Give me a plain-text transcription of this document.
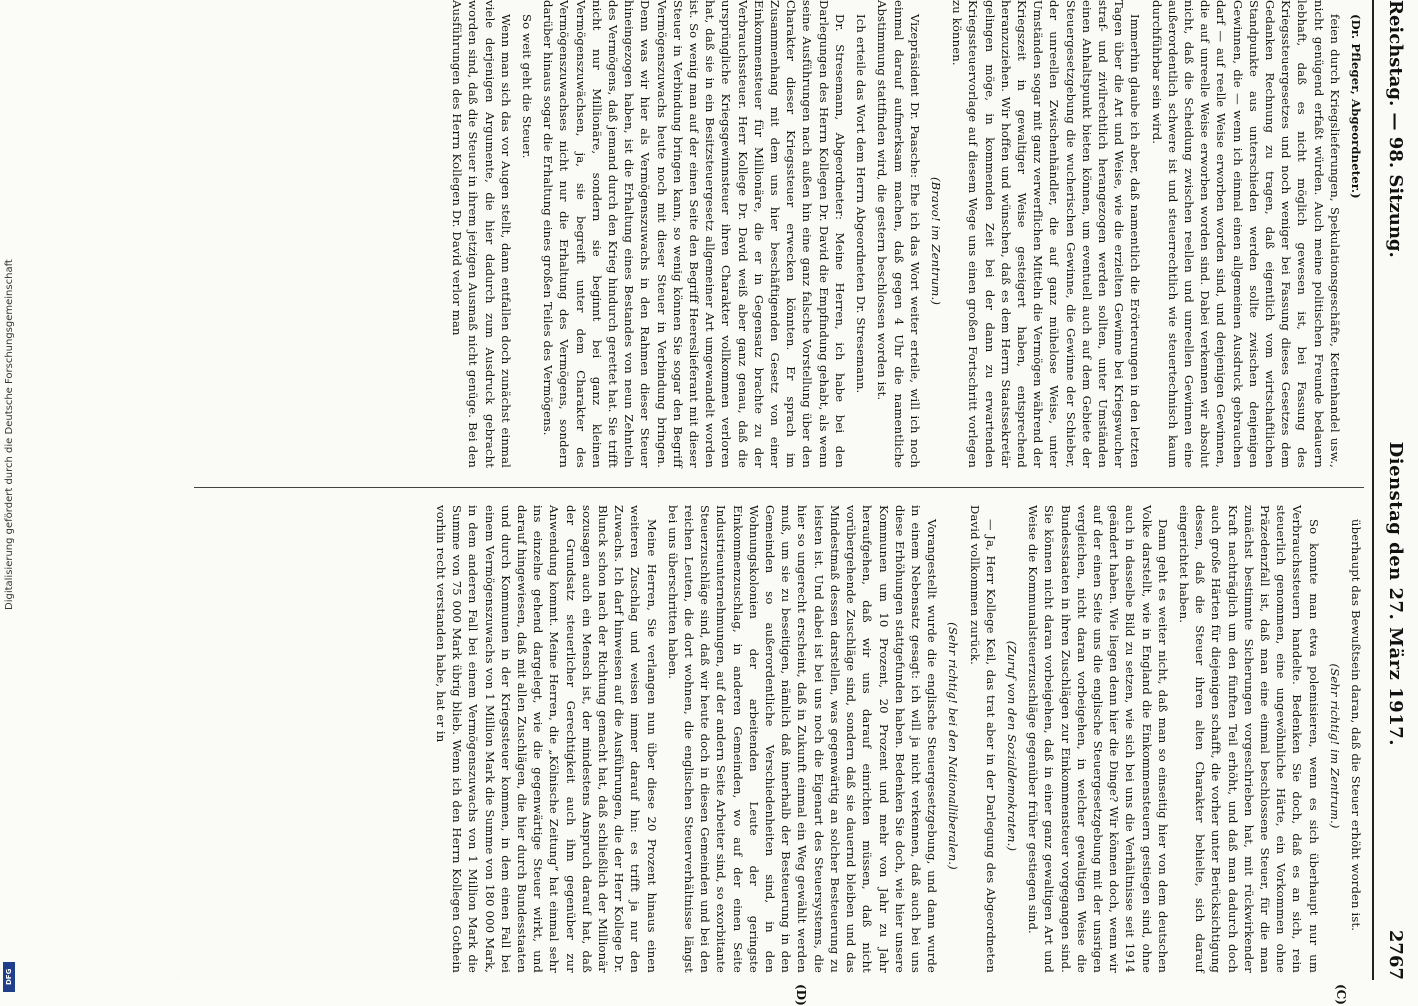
Reichstag. — 98. Sitzung.
Dienstag den 27. März 1917.
2767

(Dr. Pfleger, Abgeordneter.)

feien durch Kriegslieferungen, Spekulationsgeschäfte, Kettenhandel usw., nicht genügend erfaßt würden. Auch meine politischen Freunde bedauern lebhaft, daß es nicht möglich gewesen ist, bei Fassung des Kriegssteuergesetzes und noch weniger bei Fassung dieses Gesetzes dem Gedanken Rechnung zu tragen, daß eigentlich vom wirtschaftlichen Standpunkte aus unterschieden werden sollte zwischen denjenigen Gewinnen, die — wenn ich einmal einen allgemeinen Ausdruck gebrauchen darf — auf reelle Weise erworben worden sind, und denjenigen Gewinnen, die auf unreelle Weise erworben worden sind. Dabei verkennen wir absolut nicht, daß die Scheidung zwischen reellen und unreellen Gewinnen eine außerordentlich schwere ist und steuerrechtlich wie steuertechnisch kaum durchführbar sein wird.

Immerhin glaube ich aber, daß namentlich die Erörterungen in den letzten Tagen über die Art und Weise, wie die erzielten Gewinne bei Kriegswucher straf- und zivilrechtlich herangezogen werden sollten, unter Umständen einen Anhaltspunkt bieten können, um eventuell auch auf dem Gebiete der Steuergesetzgebung die wucherischen Gewinne, die Gewinne der Schieber, der unreellen Zwischenhändler, die auf ganz mühelose Weise, unter Umständen sogar mit ganz verwerflichen Mitteln die Vermögen während der Kriegszeit in gewaltiger Weise gesteigert haben, entsprechend heranzuziehen. Wir hoffen und wünschen, daß es dem Herrn Staatssekretär gelingen möge, in kommenden Zeit bei der dann zu erwartenden Kriegssteuervorlage auf diesem Wege uns einen großen Fortschritt vorlegen zu können.

(Bravo! im Zentrum.)

Vizepräsident Dr. Paasche: Ehe ich das Wort weiter erteile, will ich noch einmal darauf aufmerksam machen, daß gegen 4 Uhr die namentliche Abstimmung stattfinden wird, die gestern beschlossen worden ist.

Ich erteile das Wort dem Herrn Abgeordneten Dr. Stresemann.

Dr. Stresemann, Abgeordneter: Meine Herren, ich habe bei den Darlegungen des Herrn Kollegen Dr. David die Empfindung gehabt, als wenn seine Ausführungen nach außen hin eine ganz falsche Vorstellung über den Charakter dieser Kriegssteuer erwecken könnten. Er sprach im Zusammenhang mit dem uns hier beschäftigenden Gesetz von einer Einkommensteuer für Millionäre, die er in Gegensatz brachte zu der Verbrauchssteuer. Herr Kollege Dr. David weiß aber ganz genau, daß die ursprüngliche Kriegsgewinnsteuer ihren Charakter vollkommen verloren hat, daß sie in ein Besitzsteuergesetz allgemeiner Art umgewandelt worden ist. So wenig man auf der einen Seite den Begriff Heereslieferant mit dieser Steuer in Verbindung bringen kann, so wenig können Sie sogar den Begriff Vermögenszuwachs heute noch mit dieser Steuer in Verbindung bringen. Denn was wir hier als Vermögenszuwachs in den Rahmen dieser Steuer hineingezogen haben, ist die Erhaltung eines Bestandes von neun Zehnteln des Vermögens, daß jemand durch den Krieg hindurch gerettet hat. Sie trifft nicht nur Millionäre, sondern sie beginnt bei ganz kleinen Vermögenszuwächsen, ja, sie begreift unter dem Charakter des Vermögenszuwachses nicht nur die Erhaltung des Vermögens, sondern darüber hinaus sogar die Erhaltung eines großen Teiles des Vermögens.

So weit geht die Steuer.

Wenn man sich das vor Augen stellt, dann entfallen doch zunächst einmal viele derjenigen Argumente, die hier dadurch zum Ausdruck gebracht worden sind, daß die Steuer in ihrem jetzigen Ausmaß nicht genüge. Bei den Ausführungen des Herrn Kollegen Dr. David verlor man

überhaupt das Bewußtsein daran, daß die Steuer erhöht worden ist.

(Sehr richtig! im Zentrum.)

So konnte man etwa polemisieren, wenn es sich überhaupt nur um Verbrauchssteuern handelte. Bedenken Sie doch, daß es an sich, rein steuerlich genommen, eine ungewöhnliche Härte, ein Vorkommen ohne Präzedenzfall ist, daß man eine einmal beschlossene Steuer, für die man zunächst bestimmte Sicherungen vorgeschrieben hat, mit rückwirkender Kraft nachträglich um den fünften Teil erhöht, und daß man dadurch doch auch große Härten für diejenigen schafft, die vorher unter Berücksichtigung dessen, daß die Steuer ihren alten Charakter behielte, sich darauf eingerichtet haben.

Dann geht es weiter nicht, daß man so einseitig hier von dem deutschen Volke darstellt, wie in England die Einkommensteuern gestiegen sind, ohne auch in dasselbe Bild zu setzen, wie sich bei uns die Verhältnisse seit 1914 geändert haben. Wie liegen denn hier die Dinge? Wir können doch, wenn wir auf der einen Seite uns die englische Steuergesetzgebung mit der unsrigen vergleichen, nicht daran vorbeigehen, in welcher gewaltigen Weise die Bundesstaaten in ihren Zuschlägen zur Einkommensteuer vorgegangen sind. Sie können nicht daran vorbeigehen, daß in einer ganz gewaltigen Art und Weise die Kommunalsteuerzuschläge gegenüber früher gestiegen sind.

(Zuruf von den Sozialdemokraten.)

— Ja, Herr Kollege Keil, das trat aber in der Darlegung des Abgeordneten David vollkommen zurück.

(Sehr richtig! bei den Nationalliberalen.)

Vorangestellt wurde die englische Steuergesetzgebung, und dann wurde in einem Nebensatz gesagt: ich will ja nicht verkennen, daß auch bei uns diese Erhöhungen stattgefunden haben. Bedenken Sie doch, wie hier unsere Kommunen um 10 Prozent, 20 Prozent und mehr von Jahr zu Jahr heraufgehen, daß wir uns darauf einrichten müssen, daß nicht vorübergehende Zuschläge sind, sondern daß sie dauernd bleiben und das Mindestmaß dessen darstellen, was gegenwärtig an solcher Besteuerung zu leisten ist. Und dabei ist bei uns noch die Eigenart des Steuersystems, die hier so ungerecht erscheint, daß in Zukunft einmal ein Weg gewählt werden muß, um sie zu beseitigen, nämlich daß innerhalb der Besteuerung in den Gemeinden so außerordentliche Verschiedenheiten sind, in den Wohnungskolonien der arbeitenden Leute der geringste Einkommenzuschlag, in anderen Gemeinden, wo auf der einen Seite Industrieunternehmungen, auf der andern Seite Arbeiter sind, so exorbitante Steuerzuschläge sind, daß wir heute doch in diesen Gemeinden und bei den reichen Leuten, die dort wohnen, die englischen Steuerverhältnisse längst bei uns überschritten haben.

Meine Herren, Sie verlangen nun über diese 20 Prozent hinaus einen weiteren Zuschlag und weisen immer darauf hin: es trifft ja nur den Zuwachs. Ich darf hinweisen auf die Ausführungen, die der Herr Kollege Dr. Blunck schon nach der Richtung gemacht hat, daß schließlich der Millionär sozusagen auch ein Mensch ist, der mindestens Anspruch darauf hat, daß der Grundsatz steuerlicher Gerechtigkeit auch ihm gegenüber zur Anwendung kommt. Meine Herren, die „Kölnische Zeitung“ hat einmal sehr ins einzelne gehend dargelegt, wie die gegenwärtige Steuer wirkt, und darauf hingewiesen, daß mit allen Zuschlägen, die hier durch Bundesstaaten und durch Kommunen in der Kriegssteuer kommen, in dem einen Fall bei einem Vermögenszuwachs von 1 Million Mark die Summe von 180 000 Mark, in dem anderen Fall bei einem Vermögenszuwachs von 1 Million Mark die Summe von 75 000 Mark übrig blieb. Wenn ich den Herrn Kollegen Gothein vorhin recht verstanden habe, hat er in

(C)
(D)
Digitalisierung gefördert durch die Deutsche Forschungsgemeinschaft
DFG
